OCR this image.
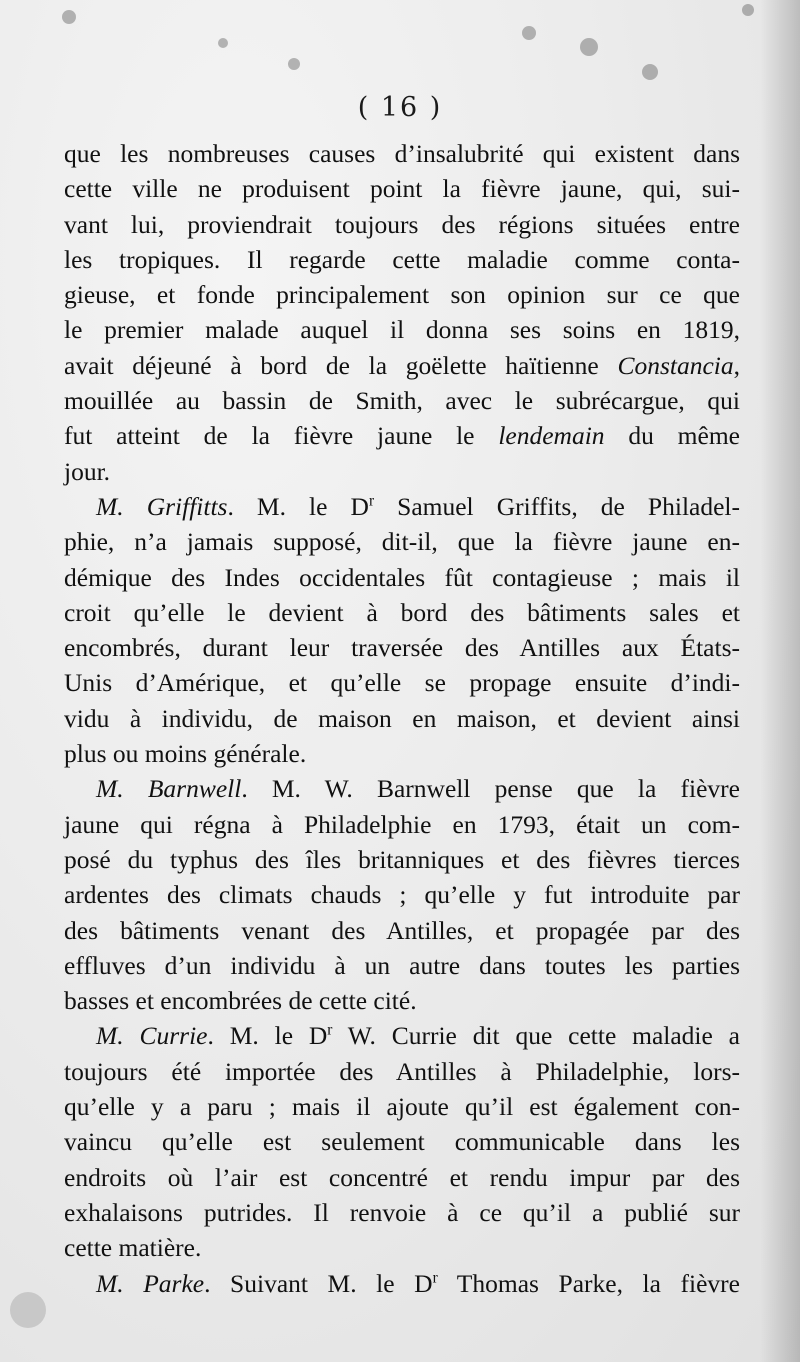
( 16 )
que les nombreuses causes d’insalubrité qui existent dans
cette ville ne produisent point la fièvre jaune, qui, sui-
vant lui, proviendrait toujours des régions situées entre
les tropiques. Il regarde cette maladie comme conta-
gieuse, et fonde principalement son opinion sur ce que
le premier malade auquel il donna ses soins en 1819,
avait déjeuné à bord de la goëlette haïtienne Constancia,
mouillée au bassin de Smith, avec le subrécargue, qui
fut atteint de la fièvre jaune le lendemain du même
jour.
M. Griffitts. M. le $D^r$ Samuel Griffits, de Philadel-
phie, n’a jamais supposé, dit-il, que la fièvre jaune en-
démique des Indes occidentales fût contagieuse ; mais il
croit qu’elle le devient à bord des bâtiments sales et
encombrés, durant leur traversée des Antilles aux États-
Unis d’Amérique, et qu’elle se propage ensuite d’indi-
vidu à individu, de maison en maison, et devient ainsi
plus ou moins générale.
M. Barnwell. M. W. Barnwell pense que la fièvre
jaune qui régna à Philadelphie en 1793, était un com-
posé du typhus des îles britanniques et des fièvres tierces
ardentes des climats chauds ; qu’elle y fut introduite par
des bâtiments venant des Antilles, et propagée par des
effluves d’un individu à un autre dans toutes les parties
basses et encombrées de cette cité.
M. Currie. M. le $D^r$ W. Currie dit que cette maladie a
toujours été importée des Antilles à Philadelphie, lors-
qu’elle y a paru ; mais il ajoute qu’il est également con-
vaincu qu’elle est seulement communicable dans les
endroits où l’air est concentré et rendu impur par des
exhalaisons putrides. Il renvoie à ce qu’il a publié sur
cette matière.
M. Parke. Suivant M. le $D^r$ Thomas Parke, la fièvre
